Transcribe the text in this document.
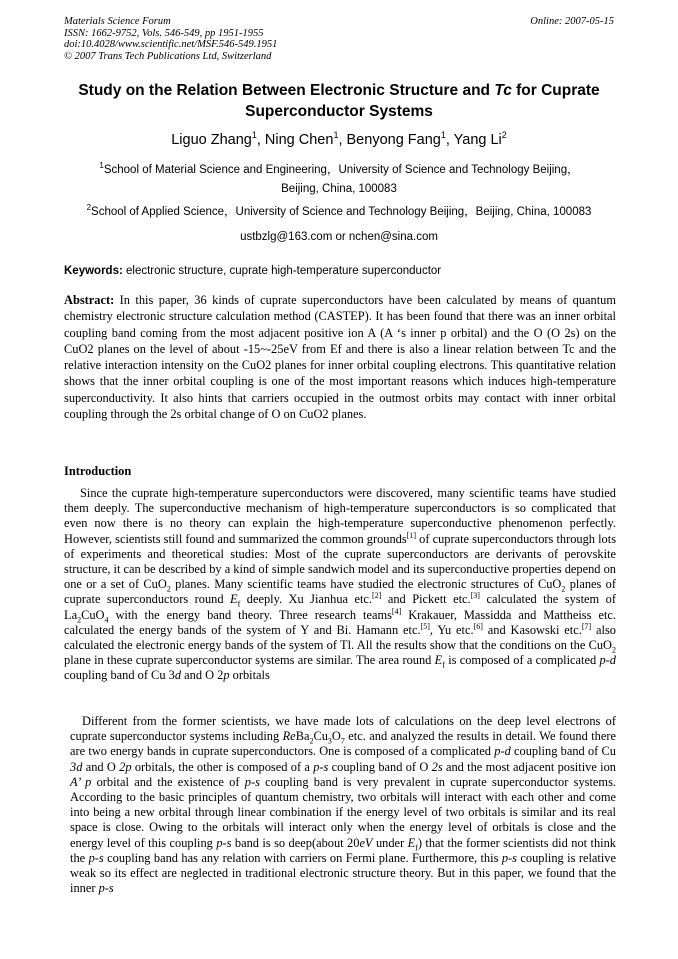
Materials Science Forum
ISSN: 1662-9752, Vols. 546-549, pp 1951-1955
doi:10.4028/www.scientific.net/MSF.546-549.1951
© 2007 Trans Tech Publications Ltd, Switzerland
Online: 2007-05-15
Study on the Relation Between Electronic Structure and Tc for Cuprate
Superconductor Systems
Liguo Zhang$^1$, Ning Chen$^1$, Benyong Fang$^1$, Yang Li$^2$
$^1$School of Material Science and Engineering，University of Science and Technology Beijing，
Beijing, China, 100083
$^2$School of Applied Science，University of Science and Technology Beijing，Beijing, China, 100083
ustbzlg@163.com or nchen@sina.com
Keywords: electronic structure, cuprate high-temperature superconductor
Abstract: In this paper, 36 kinds of cuprate superconductors have been calculated by means of quantum chemistry electronic structure calculation method (CASTEP). It has been found that there was an inner orbital coupling band coming from the most adjacent positive ion A (A ‘s inner p orbital) and the O (O 2s) on the CuO2 planes on the level of about -15~-25eV from Ef and there is also a linear relation between Tc and the relative interaction intensity on the CuO2 planes for inner orbital coupling electrons. This quantitative relation shows that the inner orbital coupling is one of the most important reasons which induces high-temperature superconductivity. It also hints that carriers occupied in the outmost orbits may contact with inner orbital coupling through the 2s orbital change of O on CuO2 planes.
Introduction
Since the cuprate high-temperature superconductors were discovered, many scientific teams have studied them deeply. The superconductive mechanism of high-temperature superconductors is so complicated that even now there is no theory can explain the high-temperature superconductive phenomenon perfectly. However, scientists still found and summarized the common grounds[1] of cuprate superconductors through lots of experiments and theoretical studies: Most of the cuprate superconductors are derivants of perovskite structure, it can be described by a kind of simple sandwich model and its superconductive properties depend on one or a set of CuO$_2$ planes. Many scientific teams have studied the electronic structures of CuO$_2$ planes of cuprate superconductors round $E_f$ deeply. Xu Jianhua etc.[2] and Pickett etc.[3] calculated the system of $La_2CuO_4$ with the energy band theory. Three research teams[4] Krakauer, Massidda and Mattheiss etc. calculated the energy bands of the system of Y and Bi. Hamann etc.[5], Yu etc.[6] and Kasowski etc.[7] also calculated the electronic energy bands of the system of Tl. All the results show that the conditions on the CuO$_2$ plane in these cuprate superconductor systems are similar. The area round $E_f$ is composed of a complicated p-d coupling band of Cu 3d and O 2p orbitals
Different from the former scientists, we have made lots of calculations on the deep level electrons of cuprate superconductor systems including $ReBa_2Cu_3O_7$ etc. and analyzed the results in detail. We found there are two energy bands in cuprate superconductors. One is composed of a complicated p-d coupling band of Cu 3d and O 2p orbitals, the other is composed of a p-s coupling band of O 2s and the most adjacent positive ion A’ p orbital and the existence of p-s coupling band is very prevalent in cuprate superconductor systems. According to the basic principles of quantum chemistry, two orbitals will interact with each other and come into being a new orbital through linear combination if the energy level of two orbitals is similar and its real space is close. Owing to the orbitals will interact only when the energy level of orbitals is close and the energy level of this coupling p-s band is so deep(about 20eV under $E_f$) that the former scientists did not think the p-s coupling band has any relation with carriers on Fermi plane. Furthermore, this p-s coupling is relative weak so its effect are neglected in traditional electronic structure theory. But in this paper, we found that the inner p-s
